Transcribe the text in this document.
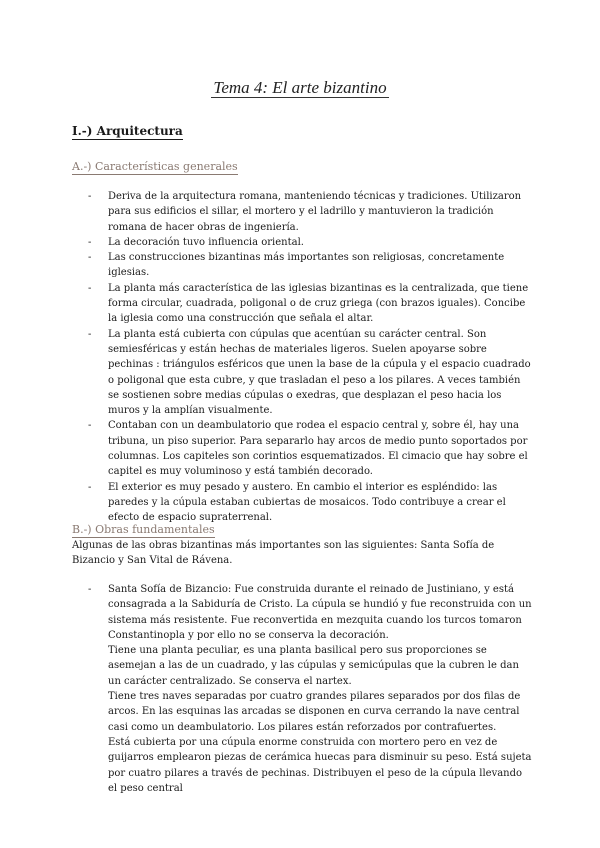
Tema 4: El arte bizantino
I.-) Arquitectura
A.-) Características generales
- Deriva de la arquitectura romana, manteniendo técnicas y tradiciones. Utilizaron para sus edificios el sillar, el mortero y el ladrillo y mantuvieron la tradición romana de hacer obras de ingeniería.
- La decoración tuvo influencia oriental.
- Las construcciones bizantinas más importantes son religiosas, concretamente iglesias.
- La planta más característica de las iglesias bizantinas es la centralizada, que tiene forma circular, cuadrada, poligonal o de cruz griega (con brazos iguales). Concibe la iglesia como una construcción que señala el altar.
- La planta está cubierta con cúpulas que acentúan su carácter central. Son semiesféricas y están hechas de materiales ligeros. Suelen apoyarse sobre pechinas : triángulos esféricos que unen la base de la cúpula y el espacio cuadrado o poligonal que esta cubre, y que trasladan el peso a los pilares. A veces también se sostienen sobre medias cúpulas o exedras, que desplazan el peso hacia los muros y la amplían visualmente.
- Contaban con un deambulatorio que rodea el espacio central y, sobre él, hay una tribuna, un piso superior. Para separarlo hay arcos de medio punto soportados por columnas. Los capiteles son corintios esquematizados. El cimacio que hay sobre el capitel es muy voluminoso y está también decorado.
- El exterior es muy pesado y austero. En cambio el interior es espléndido: las paredes y la cúpula estaban cubiertas de mosaicos. Todo contribuye a crear el efecto de espacio supraterrenal.
B.-) Obras fundamentales

Algunas de las obras bizantinas más importantes son las siguientes: Santa Sofía de Bizancio y San Vital de Rávena.

- Santa Sofía de Bizancio: Fue construida durante el reinado de Justiniano, y está consagrada a la Sabiduría de Cristo. La cúpula se hundió y fue reconstruida con un sistema más resistente. Fue reconvertida en mezquita cuando los turcos tomaron Constantinopla y por ello no se conserva la decoración.
Tiene una planta peculiar, es una planta basilical pero sus proporciones se asemejan a las de un cuadrado, y las cúpulas y semicúpulas que la cubren le dan un carácter centralizado. Se conserva el nartex.
Tiene tres naves separadas por cuatro grandes pilares separados por dos filas de arcos. En las esquinas las arcadas se disponen en curva cerrando la nave central casi como un deambulatorio. Los pilares están reforzados por contrafuertes.
Está cubierta por una cúpula enorme construida con mortero pero en vez de guijarros emplearon piezas de cerámica huecas para disminuir su peso. Está sujeta por cuatro pilares a través de pechinas. Distribuyen el peso de la cúpula llevando el peso central
